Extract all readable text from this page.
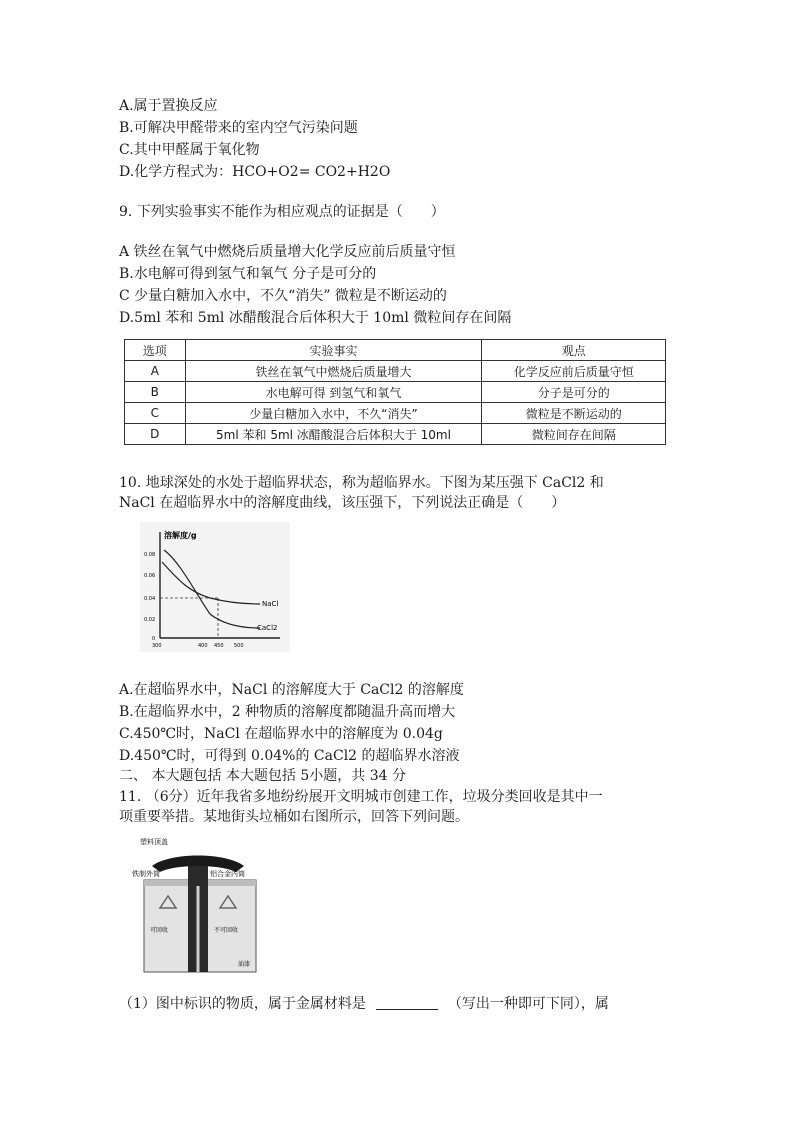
A.属于置换反应
B.可解决甲醛带来的室内空气污染问题
C.其中甲醛属于氧化物
D.化学方程式为：HCO+O2= CO2+H2O
9. 下列实验事实不能作为相应观点的证据是（　　）
A 铁丝在氧气中燃烧后质量增大化学反应前后质量守恒
B.水电解可得到氢气和氧气 分子是可分的
C 少量白糖加入水中，不久“消失” 微粒是不断运动的
D.5ml 苯和 5ml 冰醋酸混合后体积大于 10ml 微粒间存在间隔
选项	实验事实	观点
A	铁丝在氧气中燃烧后质量增大	化学反应前后质量守恒
B	水电解可得 到氢气和氧气	分子是可分的
C	少量白糖加入水中，不久“消失”	微粒是不断运动的
D	5ml 苯和 5ml 冰醋酸混合后体积大于 10ml	微粒间存在间隔
10. 地球深处的水处于超临界状态，称为超临界水。下图为某压强下 CaCl2 和
NaCl 在超临界水中的溶解度曲线，该压强下，下列说法正确是（　　）
溶解度/g
0.08
0.06
0.04
0.02
0
300	400 450 500
NaCl
CaCl2
A.在超临界水中，NaCl 的溶解度大于 CaCl2 的溶解度
B.在超临界水中，2 种物质的溶解度都随温升高而增大
C.450℃时，NaCl 在超临界水中的溶解度为 0.04g
D.450℃时，可得到 0.04%的 CaCl2 的超临界水溶液
二、 本大题包括 本大题包括 5小题，共 34 分
11. （6分）近年我省多地纷纷展开文明城市创建工作，垃圾分类回收是其中一
项重要举措。某地街头垃桶如右图所示，回答下列问题。
塑料顶盖
铁制外筒	铝合金内筒
可回收	不可回收
油漆
（1）图中标识的物质，属于金属材料是	（写出一种即可下同），属
